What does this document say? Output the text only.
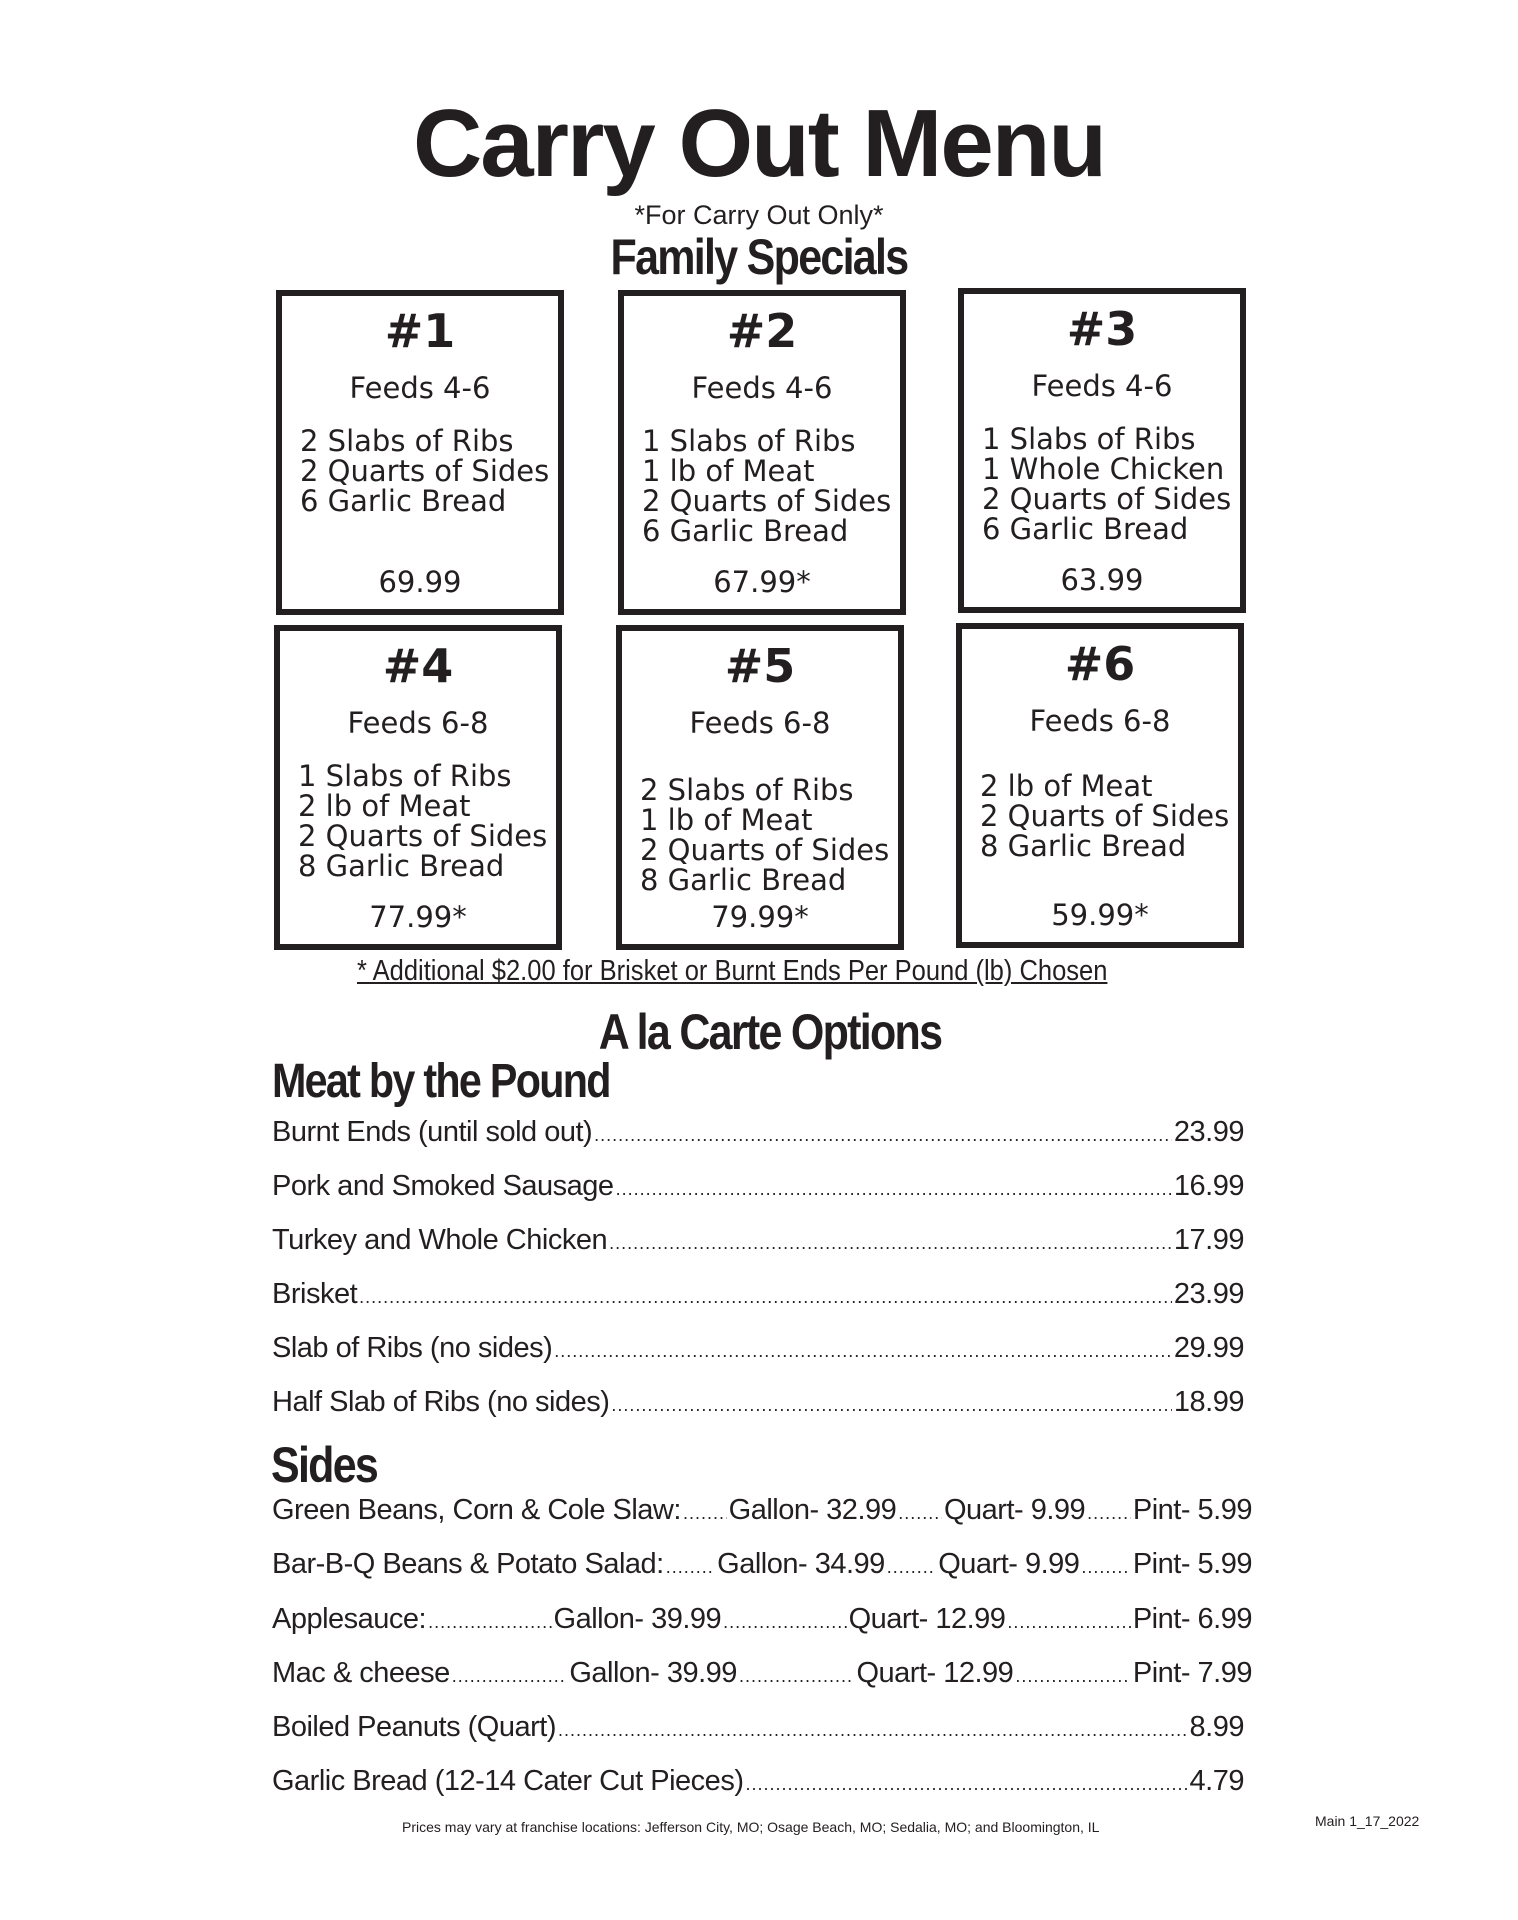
Carry Out Menu
*For Carry Out Only*
Family Specials
#1
Feeds 4-6
2 Slabs of Ribs
2 Quarts of Sides
6 Garlic Bread
69.99
#2
Feeds 4-6
1 Slabs of Ribs
1 lb of Meat
2 Quarts of Sides
6 Garlic Bread
67.99*
#3
Feeds 4-6
1 Slabs of Ribs
1 Whole Chicken
2 Quarts of Sides
6 Garlic Bread
63.99
#4
Feeds 6-8
1 Slabs of Ribs
2 lb of Meat
2 Quarts of Sides
8 Garlic Bread
77.99*
#5
Feeds 6-8
2 Slabs of Ribs
1 lb of Meat
2 Quarts of Sides
8 Garlic Bread
79.99*
#6
Feeds 6-8
2 lb of Meat
2 Quarts of Sides
8 Garlic Bread
59.99*
* Additional $2.00 for Brisket or Burnt Ends Per Pound (lb) Chosen
A la Carte Options
Meat by the Pound
Burnt Ends (until sold out) .....	23.99
Pork and Smoked Sausage .....	16.99
Turkey and Whole Chicken .....	17.99
Brisket .....	23.99
Slab of Ribs (no sides) .....	29.99
Half Slab of Ribs (no sides) .....	18.99
Sides
Green Beans, Corn & Cole Slaw: ..... Gallon- 32.99 ..... Quart- 9.99 ..... Pint- 5.99
Bar-B-Q Beans & Potato Salad: ..... Gallon- 34.99 ..... Quart- 9.99 ..... Pint- 5.99
Applesauce: .....	Gallon- 39.99 .....	Quart- 12.99 .....	Pint- 6.99
Mac & cheese .....	Gallon- 39.99 .....	Quart- 12.99 .....	Pint- 7.99
Boiled Peanuts (Quart) .....	8.99
Garlic Bread (12-14 Cater Cut Pieces) .....	4.79
Prices may vary at franchise locations: Jefferson City, MO; Osage Beach, MO; Sedalia, MO; and Bloomington, IL	Main 1_17_2022
